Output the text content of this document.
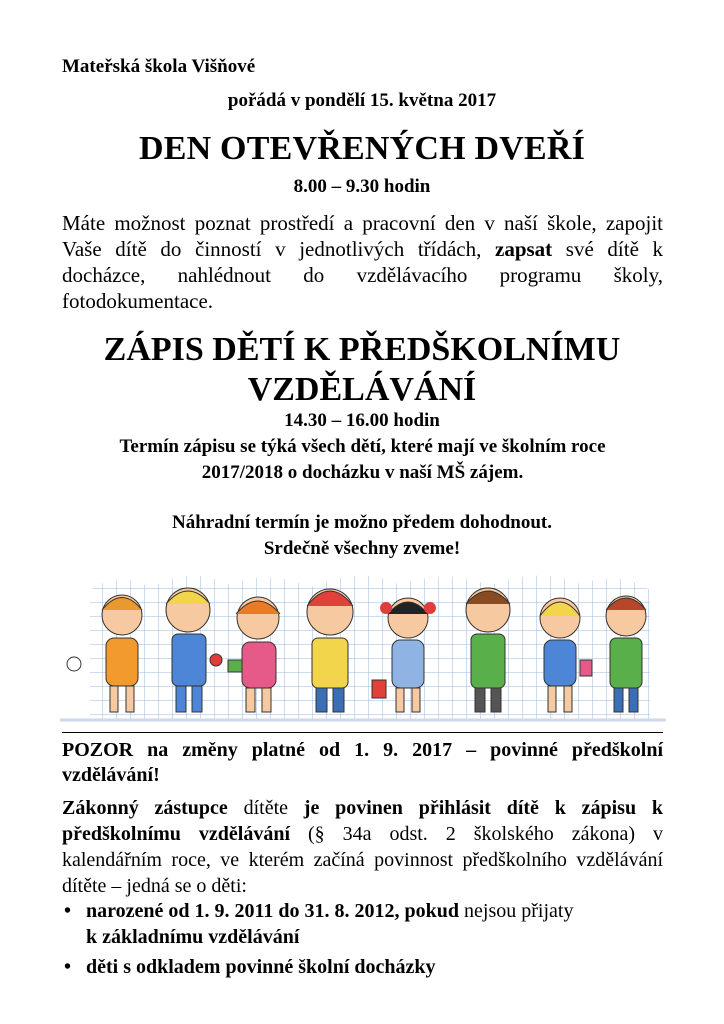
Mateřská škola Višňové
pořádá v pondělí 15. května 2017
DEN OTEVŘENÝCH DVEŘÍ
8.00 – 9.30 hodin
Máte možnost poznat prostředí a pracovní den v naší škole, zapojit Vaše dítě do činností v jednotlivých třídách, zapsat své dítě k docházce, nahlédnout do vzdělávacího programu školy, fotodokumentace.
ZÁPIS DĚTÍ K PŘEDŠKOLNÍMU
VZDĚLÁVÁNÍ
14.30 – 16.00 hodin
Termín zápisu se týká všech dětí, které mají ve školním roce
2017/2018 o docházku v naší MŠ zájem.
Náhradní termín je možno předem dohodnout.
Srdečně všechny zveme!
POZOR na změny platné od 1. 9. 2017 – povinné předškolní vzdělávání!
Zákonný zástupce dítěte je povinen přihlásit dítě k zápisu k předškolnímu vzdělávání (§ 34a odst. 2 školského zákona) v kalendářním roce, ve kterém začíná povinnost předškolního vzdělávání dítěte – jedná se o děti:
• narozené od 1. 9. 2011 do 31. 8. 2012, pokud nejsou přijaty
k základnímu vzdělávání
• děti s odkladem povinné školní docházky
